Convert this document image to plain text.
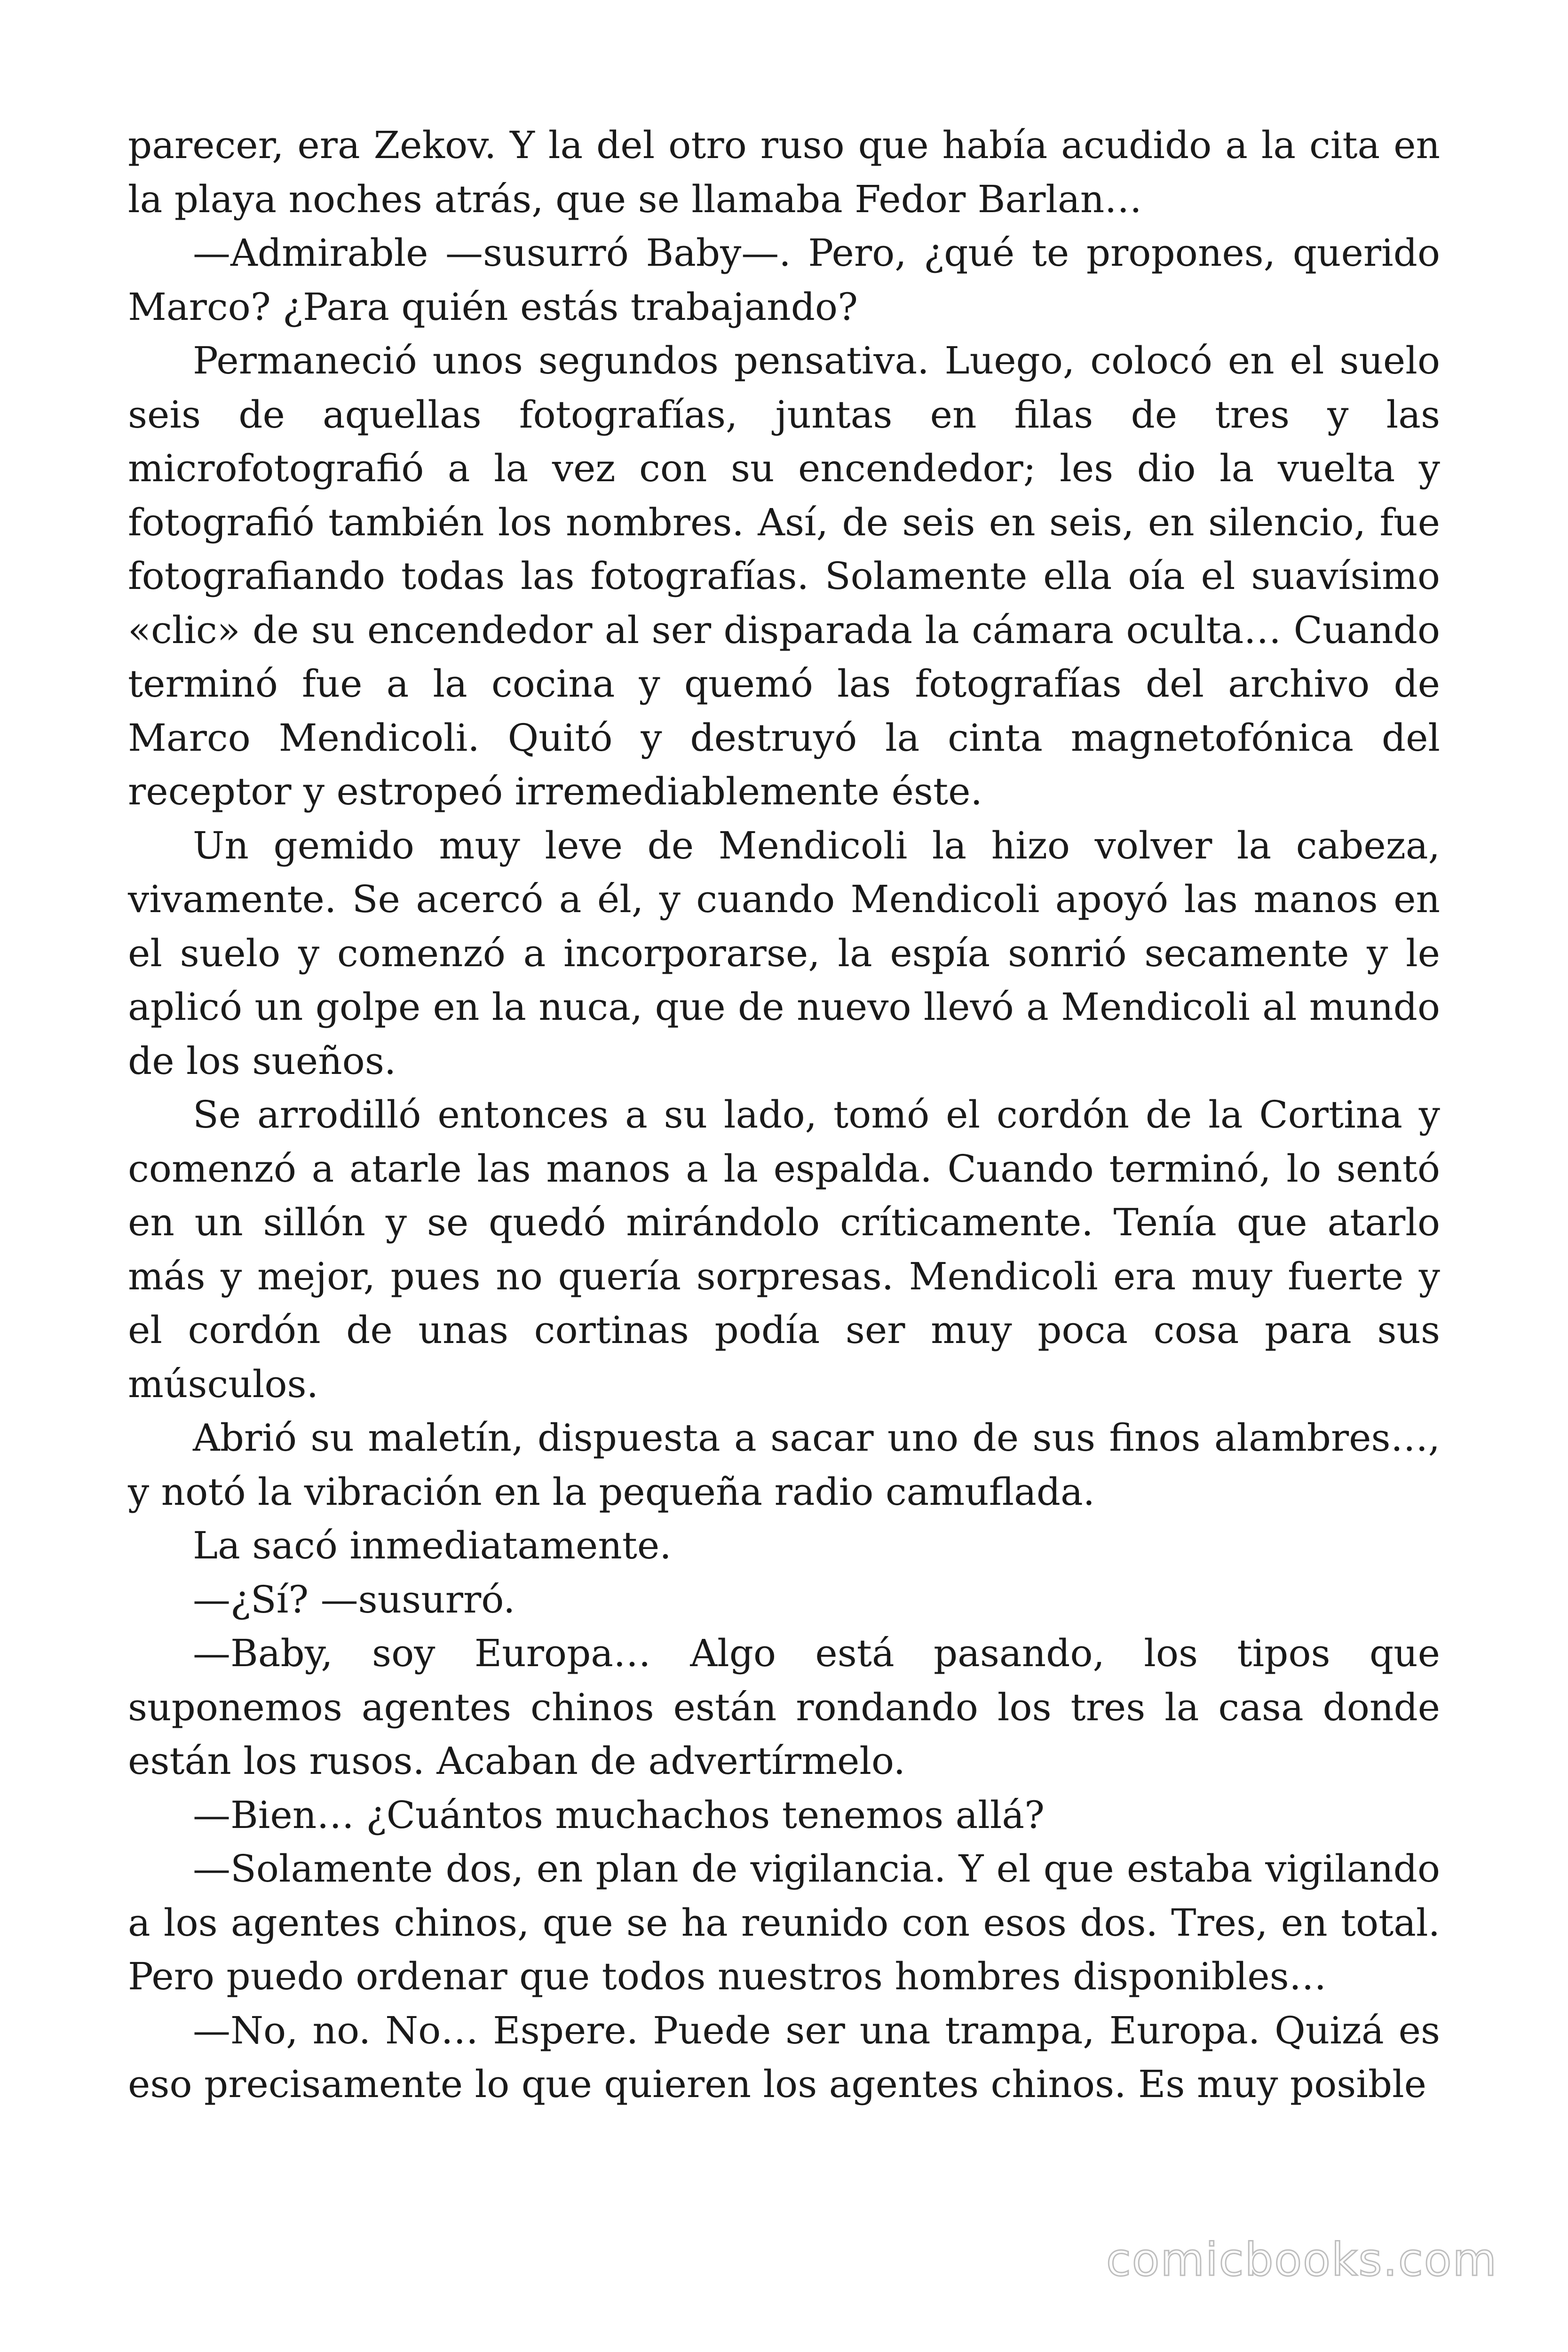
parecer, era Zekov. Y la del otro ruso que había acudido a la cita en la playa noches atrás, que se llamaba Fedor Barlan…

—Admirable —susurró Baby—. Pero, ¿qué te propones, querido Marco? ¿Para quién estás trabajando?

Permaneció unos segundos pensativa. Luego, colocó en el suelo seis de aquellas fotografías, juntas en filas de tres y las microfotografió a la vez con su encendedor; les dio la vuelta y fotografió también los nombres. Así, de seis en seis, en silencio, fue fotografiando todas las fotografías. Solamente ella oía el suavísimo «clic» de su encendedor al ser disparada la cámara oculta… Cuando terminó fue a la cocina y quemó las fotografías del archivo de Marco Mendicoli. Quitó y destruyó la cinta magnetofónica del receptor y estropeó irremediablemente éste.

Un gemido muy leve de Mendicoli la hizo volver la cabeza, vivamente. Se acercó a él, y cuando Mendicoli apoyó las manos en el suelo y comenzó a incorporarse, la espía sonrió secamente y le aplicó un golpe en la nuca, que de nuevo llevó a Mendicoli al mundo de los sueños.

Se arrodilló entonces a su lado, tomó el cordón de la Cortina y comenzó a atarle las manos a la espalda. Cuando terminó, lo sentó en un sillón y se quedó mirándolo críticamente. Tenía que atarlo más y mejor, pues no quería sorpresas. Mendicoli era muy fuerte y el cordón de unas cortinas podía ser muy poca cosa para sus músculos.

Abrió su maletín, dispuesta a sacar uno de sus finos alambres…, y notó la vibración en la pequeña radio camuflada.

La sacó inmediatamente.

—¿Sí? —susurró.

—Baby, soy Europa… Algo está pasando, los tipos que suponemos agentes chinos están rondando los tres la casa donde están los rusos. Acaban de advertírmelo.

—Bien… ¿Cuántos muchachos tenemos allá?

—Solamente dos, en plan de vigilancia. Y el que estaba vigilando a los agentes chinos, que se ha reunido con esos dos. Tres, en total. Pero puedo ordenar que todos nuestros hombres disponibles…

—No, no. No… Espere. Puede ser una trampa, Europa. Quizá es eso precisamente lo que quieren los agentes chinos. Es muy posible

comicbooks.com
